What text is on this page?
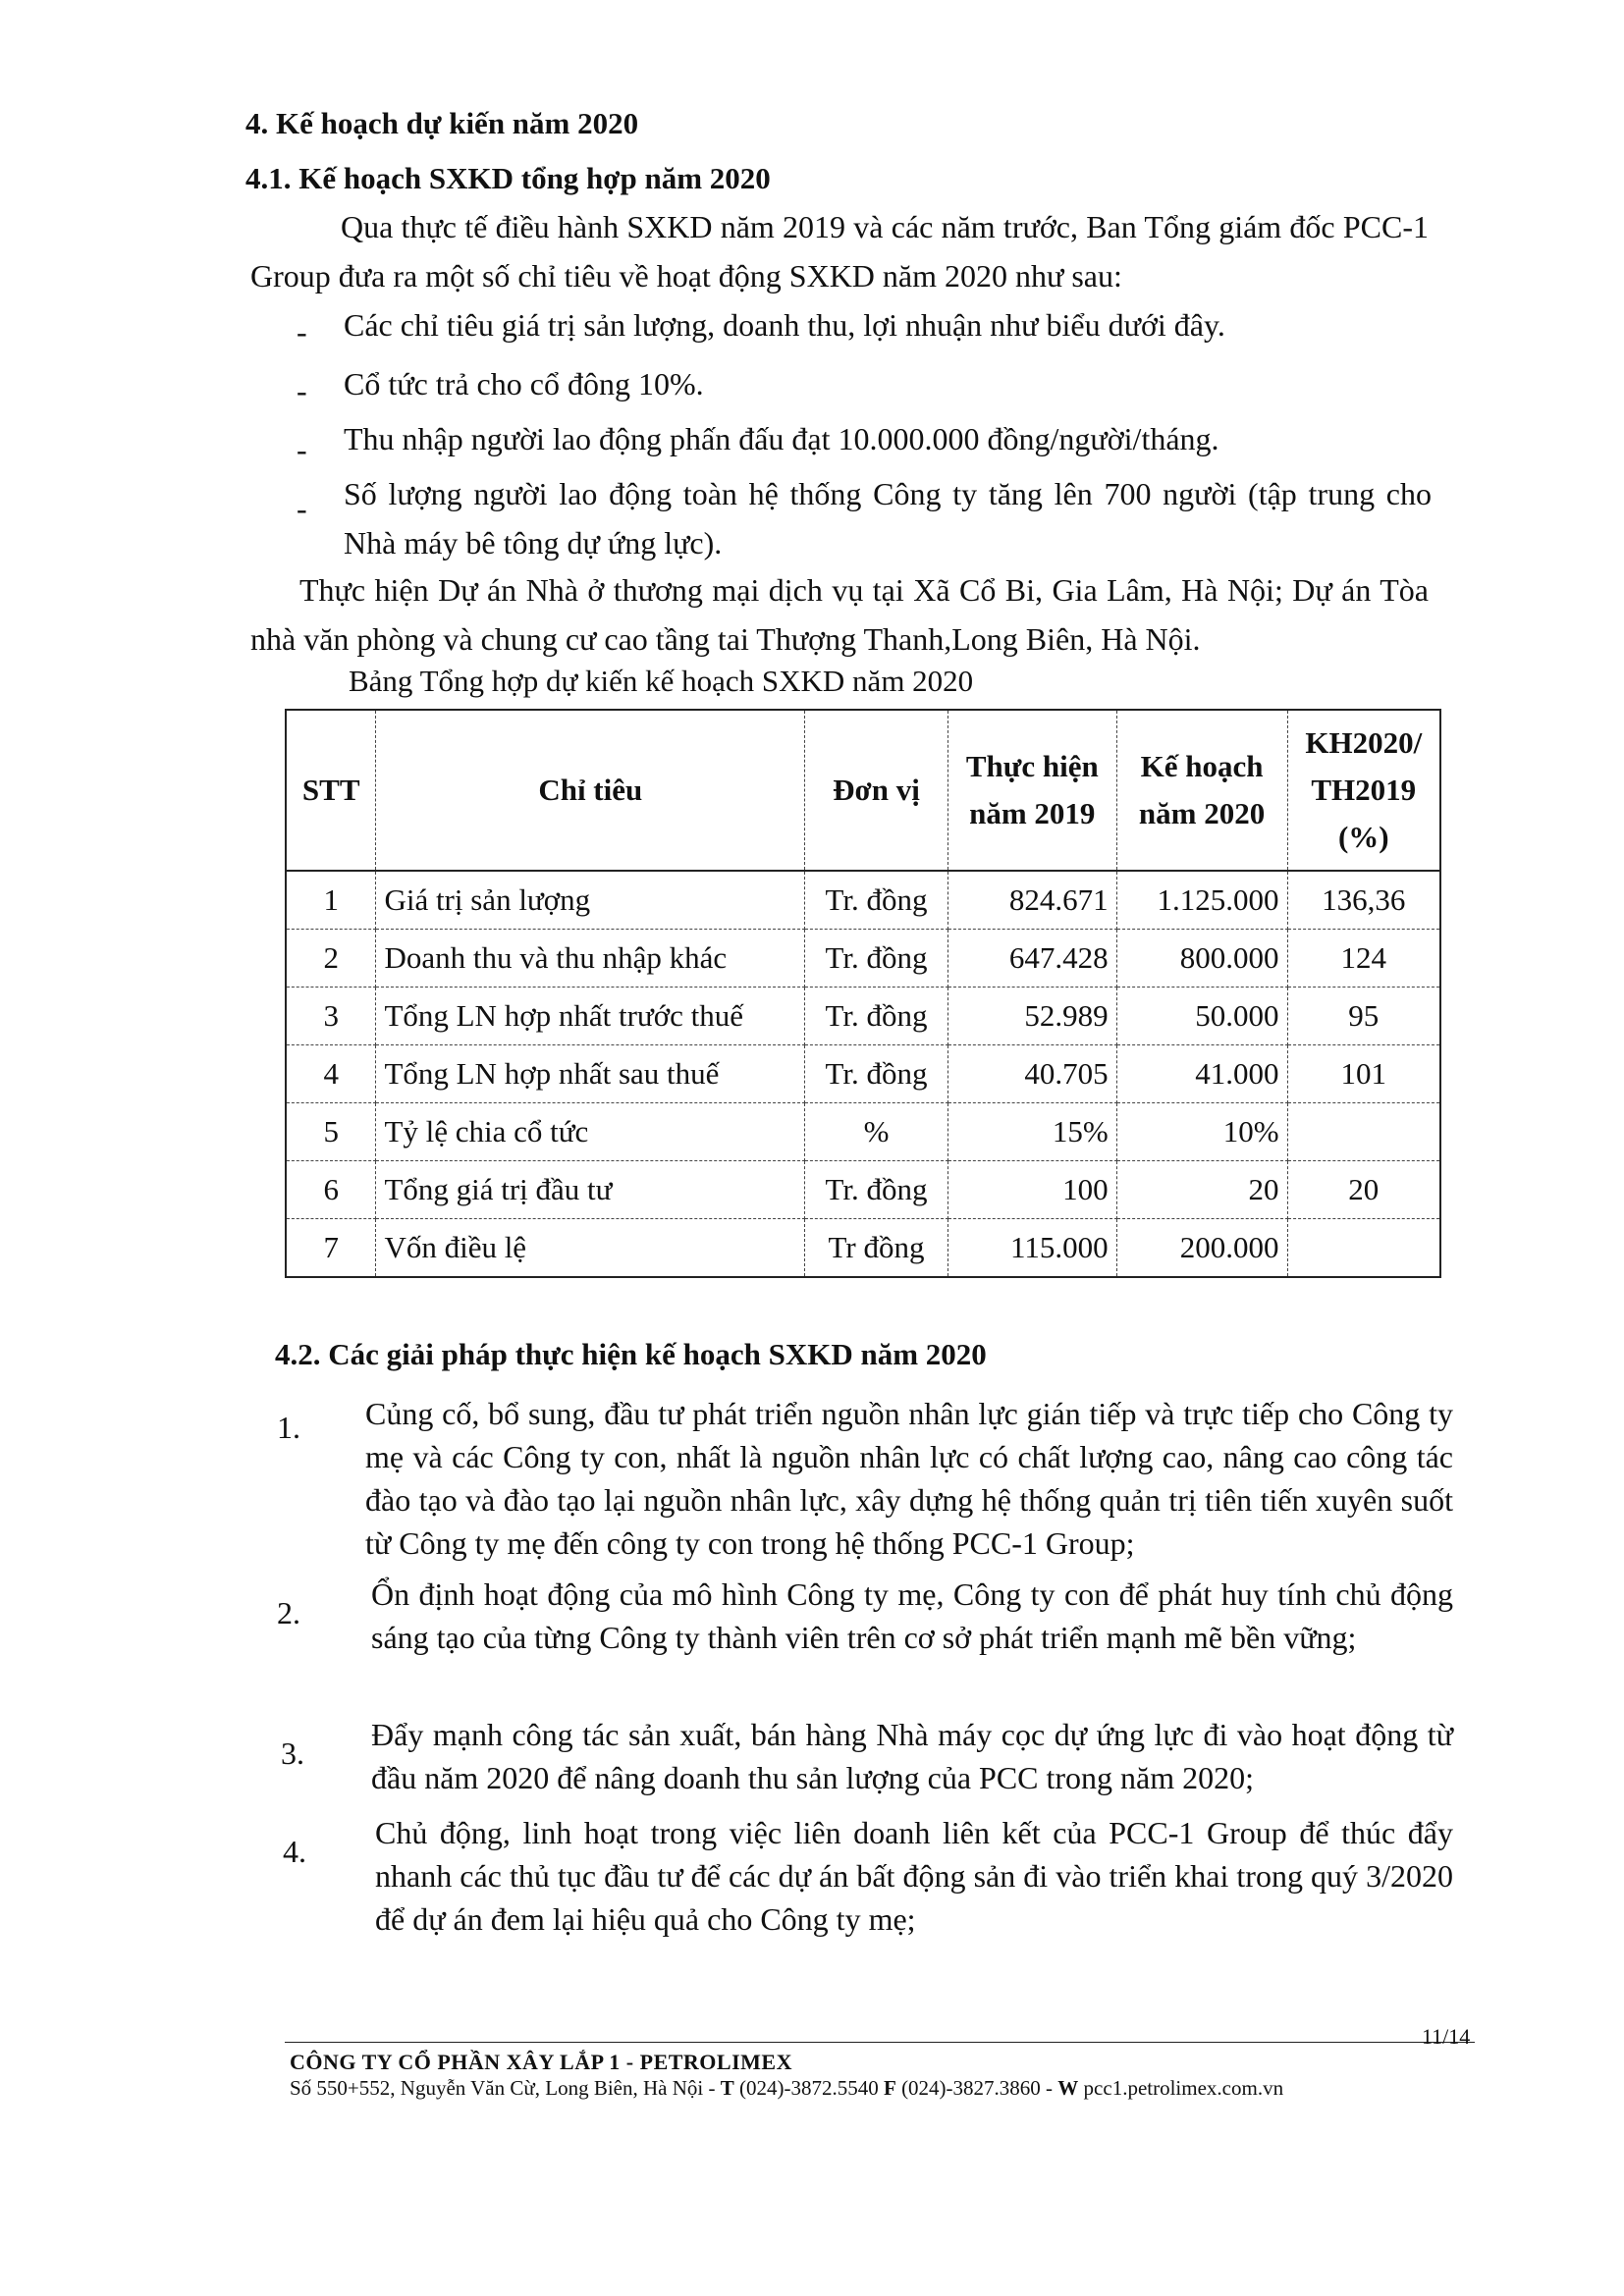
4. Kế hoạch dự kiến năm 2020
4.1. Kế hoạch SXKD tổng hợp năm 2020
Qua thực tế điều hành SXKD năm 2019 và các năm trước, Ban Tổng giám đốc PCC-1 Group đưa ra một số chỉ tiêu về hoạt động SXKD năm 2020 như sau:
- Các chỉ tiêu giá trị sản lượng, doanh thu, lợi nhuận như biểu dưới đây.
- Cổ tức trả cho cổ đông 10%.
- Thu nhập người lao động phấn đấu đạt 10.000.000 đồng/người/tháng.
- Số lượng người lao động toàn hệ thống Công ty tăng lên 700 người (tập trung cho Nhà máy bê tông dự ứng lực).
Thực hiện Dự án Nhà ở thương mại dịch vụ tại Xã Cổ Bi, Gia Lâm, Hà Nội; Dự án Tòa nhà văn phòng và chung cư cao tầng tai Thượng Thanh,Long Biên, Hà Nội.
Bảng Tổng hợp dự kiến kế hoạch SXKD năm 2020
STT	Chỉ tiêu	Đơn vị	Thực hiện năm 2019	Kế hoạch năm 2020	KH2020/ TH2019 (%)
1	Giá trị sản lượng	Tr. đồng	824.671	1.125.000	136,36
2	Doanh thu và thu nhập khác	Tr. đồng	647.428	800.000	124
3	Tổng LN hợp nhất trước thuế	Tr. đồng	52.989	50.000	95
4	Tổng LN hợp nhất sau thuế	Tr. đồng	40.705	41.000	101
5	Tỷ lệ chia cổ tức	%	15%	10%	
6	Tổng giá trị đầu tư	Tr. đồng	100	20	20
7	Vốn điều lệ	Tr đồng	115.000	200.000	
4.2. Các giải pháp thực hiện kế hoạch SXKD năm 2020
1. Củng cố, bổ sung, đầu tư phát triển nguồn nhân lực gián tiếp và trực tiếp cho Công ty mẹ và các Công ty con, nhất là nguồn nhân lực có chất lượng cao, nâng cao công tác đào tạo và đào tạo lại nguồn nhân lực, xây dựng hệ thống quản trị tiên tiến xuyên suốt từ Công ty mẹ đến công ty con trong hệ thống PCC-1 Group;
2.
Ổn định hoạt động của mô hình Công ty mẹ, Công ty con để phát huy tính chủ động sáng tạo của từng Công ty thành viên trên cơ sở phát triển mạnh mẽ bền vững;
3.
Đẩy mạnh công tác sản xuất, bán hàng Nhà máy cọc dự ứng lực đi vào hoạt động từ đầu năm 2020 để nâng doanh thu sản lượng của PCC trong năm 2020;
4.
Chủ động, linh hoạt trong việc liên doanh liên kết của PCC-1 Group để thúc đẩy nhanh các thủ tục đầu tư để các dự án bất động sản đi vào triển khai trong quý 3/2020 để dự án đem lại hiệu quả cho Công ty mẹ;
11/14
CÔNG TY CỔ PHẦN XÂY LẮP 1 - PETROLIMEX
Số 550+552, Nguyễn Văn Cừ, Long Biên, Hà Nội - T (024)-3872.5540 F (024)-3827.3860 - W pcc1.petrolimex.com.vn
